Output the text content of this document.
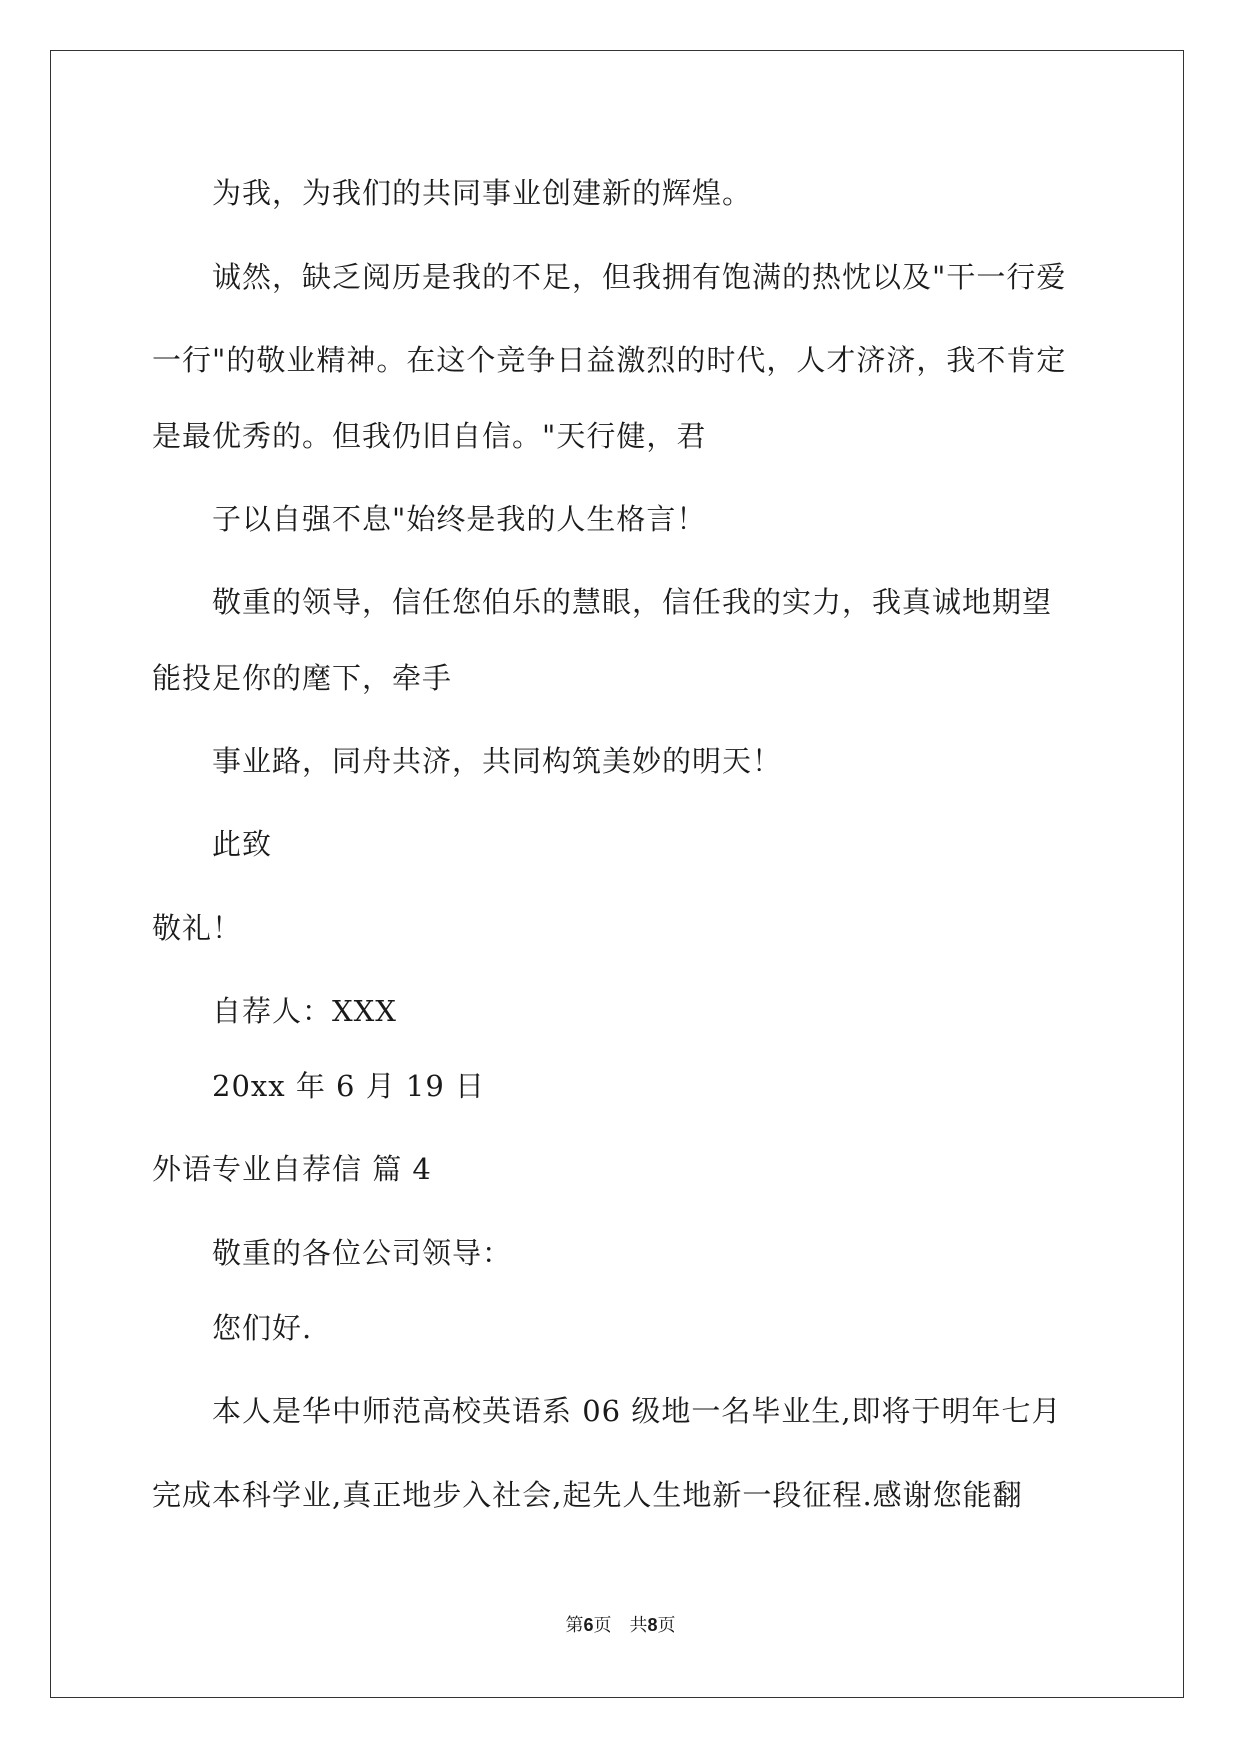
为我，为我们的共同事业创建新的辉煌。
诚然，缺乏阅历是我的不足，但我拥有饱满的热忱以及"干一行爱
一行"的敬业精神。在这个竞争日益激烈的时代，人才济济，我不肯定
是最优秀的。但我仍旧自信。"天行健，君
子以自强不息"始终是我的人生格言！
敬重的领导，信任您伯乐的慧眼，信任我的实力，我真诚地期望
能投足你的麾下，牵手
事业路，同舟共济，共同构筑美妙的明天！
此致
敬礼！
自荐人：XXX
20xx 年 6 月 19 日
外语专业自荐信 篇 4
敬重的各位公司领导：
您们好.
本人是华中师范高校英语系 06 级地一名毕业生,即将于明年七月
完成本科学业,真正地步入社会,起先人生地新一段征程.感谢您能翻
第6页　共8页
